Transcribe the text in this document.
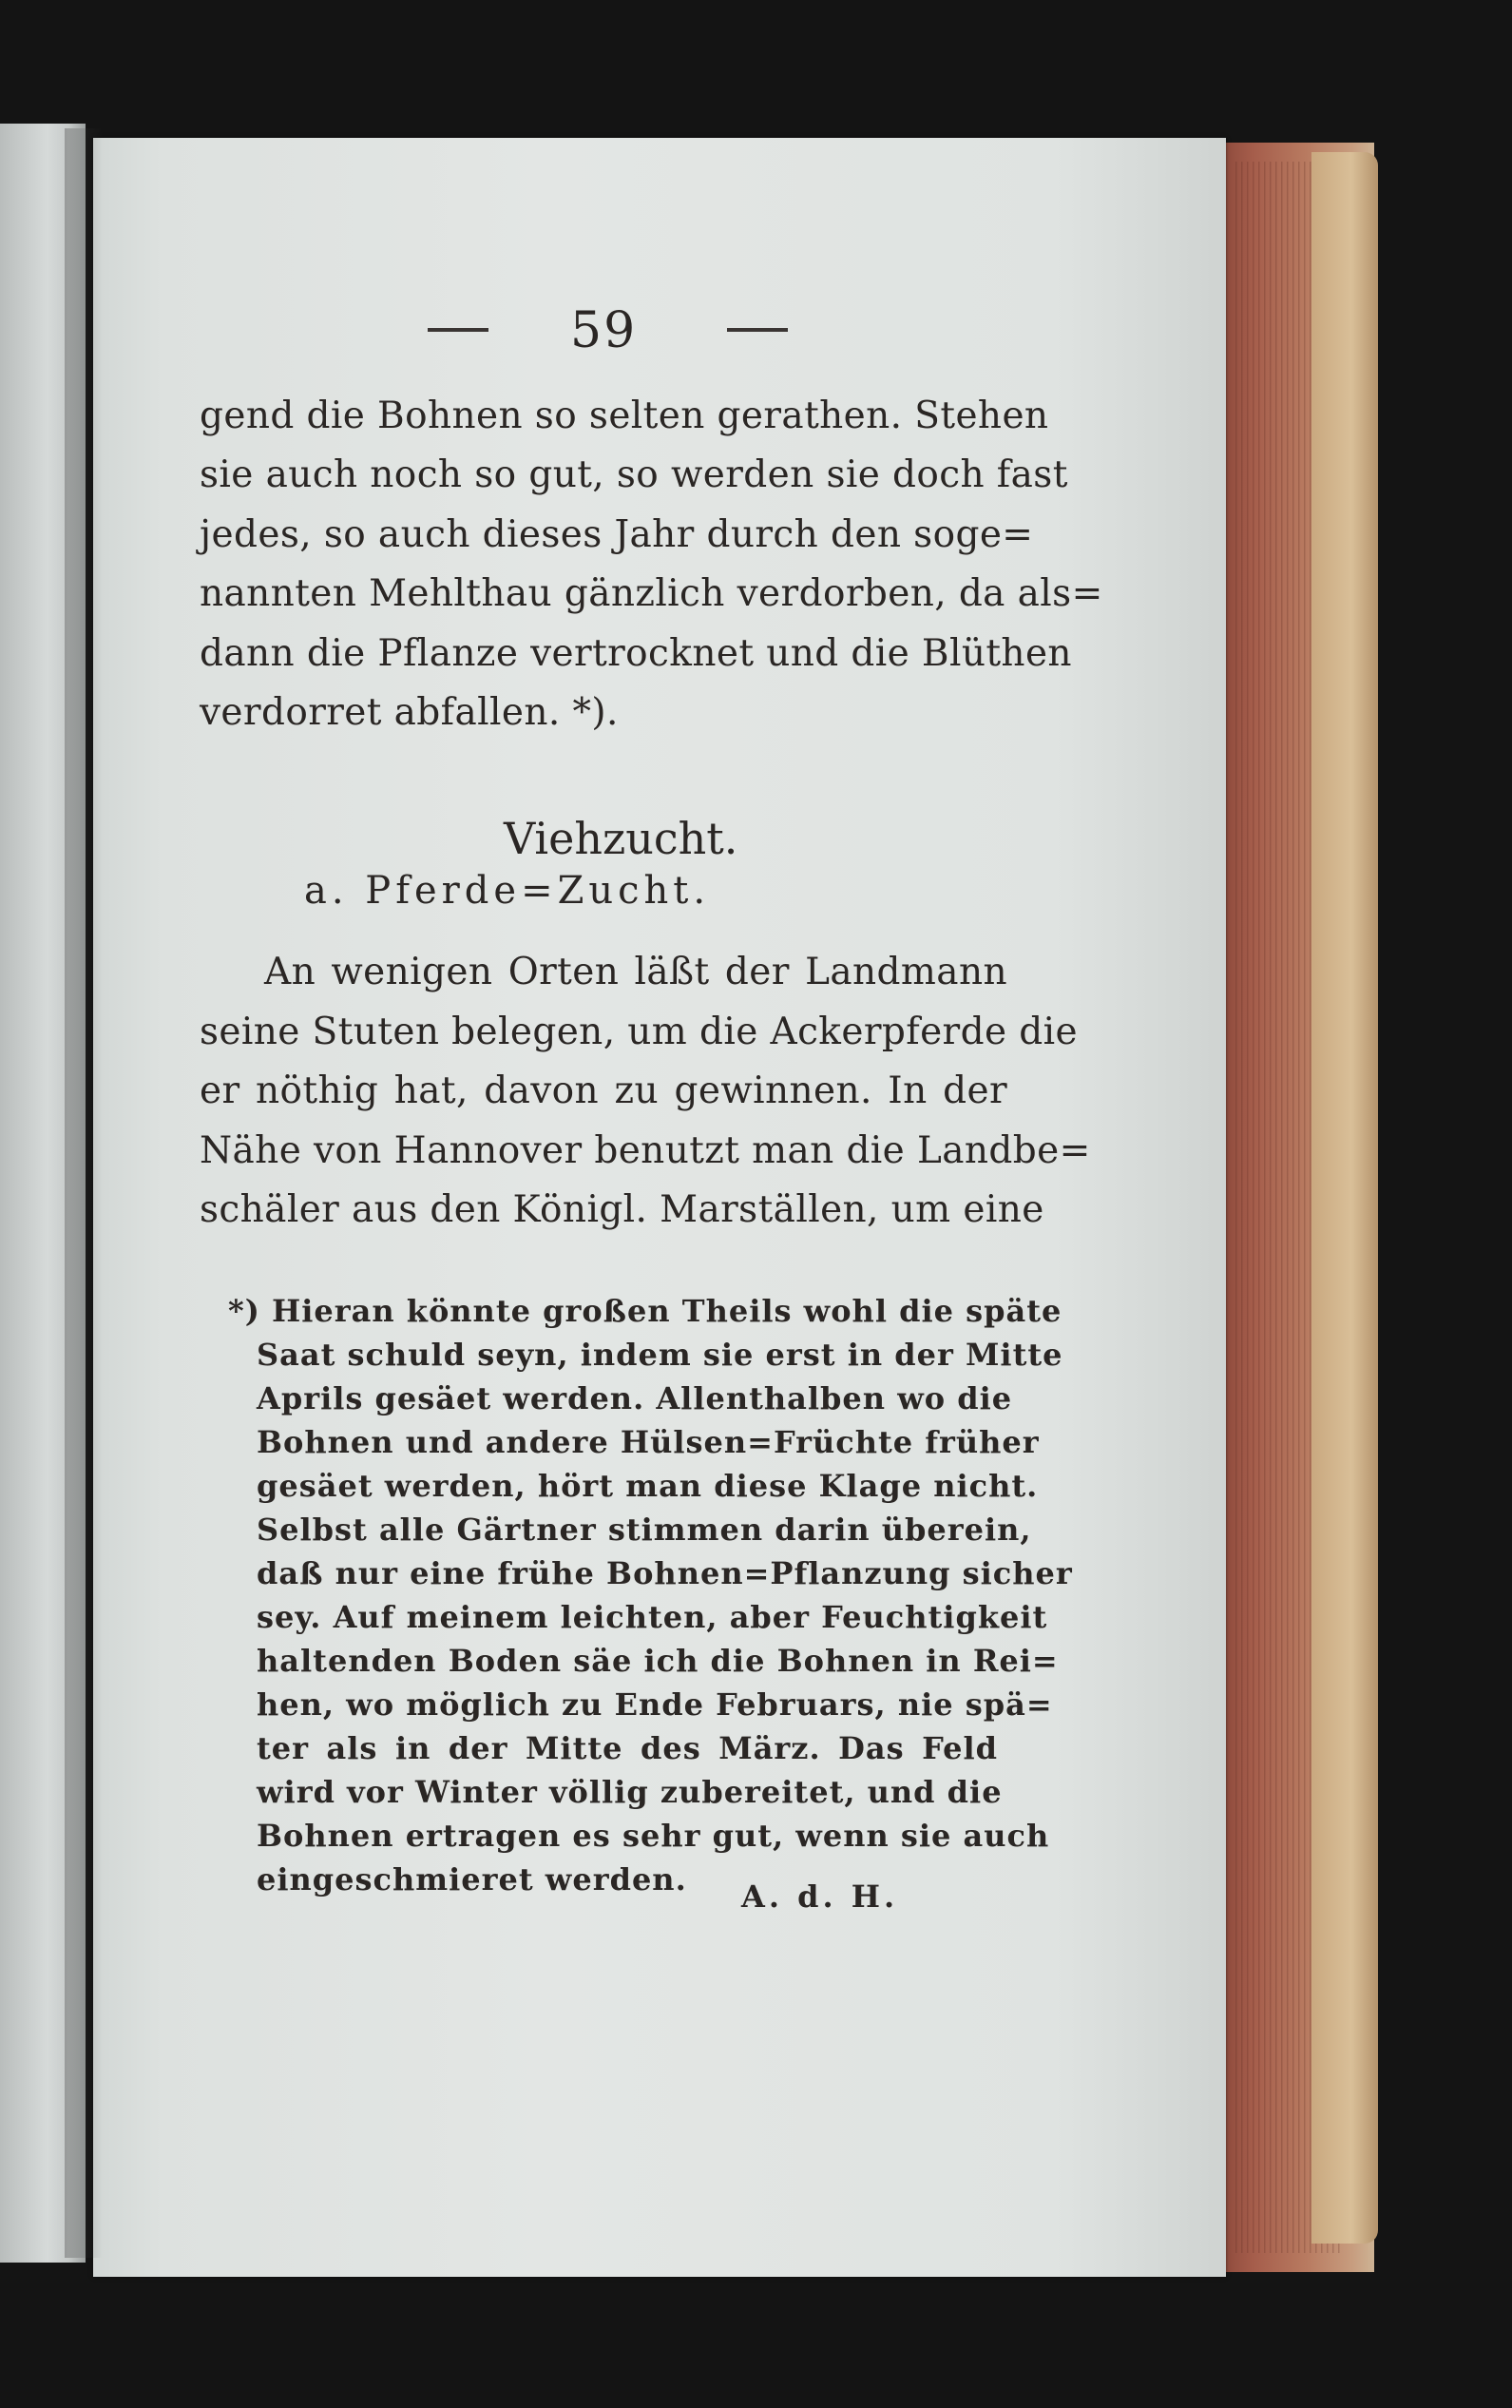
59
gend die Bohnen so selten gerathen. Stehen
sie auch noch so gut, so werden sie doch fast
jedes, so auch dieses Jahr durch den soge=
nannten Mehlthau gänzlich verdorben, da als=
dann die Pflanze vertrocknet und die Blüthen
verdorret abfallen. *).
Viehzucht.
a. Pferde=Zucht.
An wenigen Orten läßt der Landmann
seine Stuten belegen, um die Ackerpferde die
er nöthig hat, davon zu gewinnen. In der
Nähe von Hannover benutzt man die Landbe=
schäler aus den Königl. Marställen, um eine
*) Hieran könnte großen Theils wohl die späte
Saat schuld seyn, indem sie erst in der Mitte
Aprils gesäet werden. Allenthalben wo die
Bohnen und andere Hülsen=Früchte früher
gesäet werden, hört man diese Klage nicht.
Selbst alle Gärtner stimmen darin überein,
daß nur eine frühe Bohnen=Pflanzung sicher
sey. Auf meinem leichten, aber Feuchtigkeit
haltenden Boden säe ich die Bohnen in Rei=
hen, wo möglich zu Ende Februars, nie spä=
ter als in der Mitte des März. Das Feld
wird vor Winter völlig zubereitet, und die
Bohnen ertragen es sehr gut, wenn sie auch
eingeschmieret werden. A. d. H.
